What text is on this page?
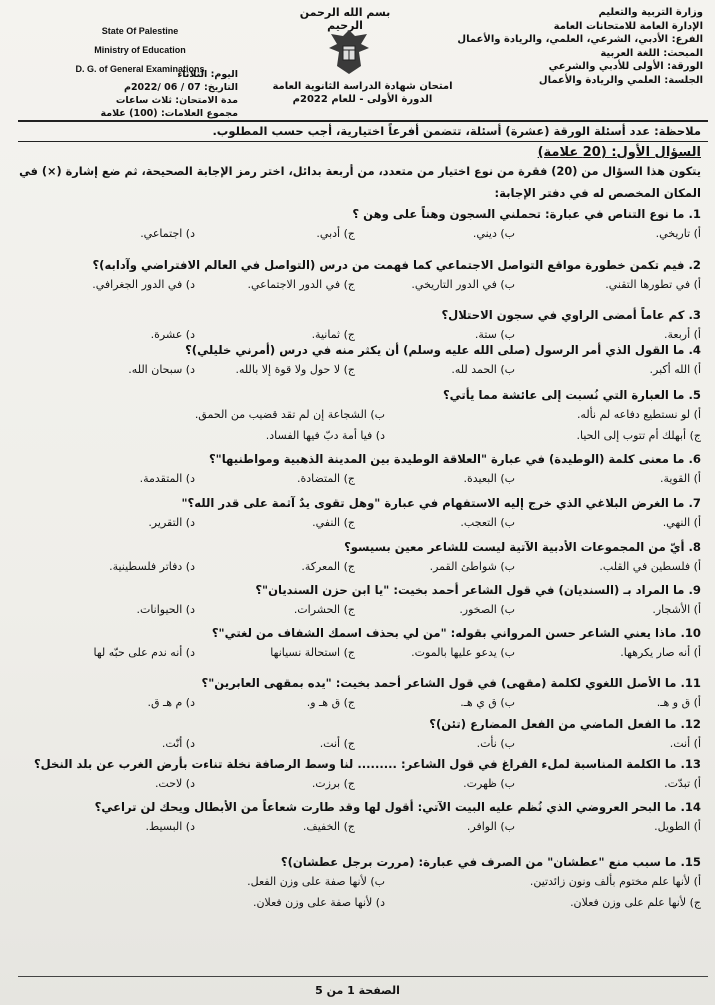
State Of Palestine
Ministry of Education
D. G. of General Examinations
بسم الله الرحمن الرحيم
وزارة التربية والتعليم
الإدارة العامة للامتحانات العامة
الفرع: الأدبي، الشرعي، العلمي، والريادة والأعمال
المبحث: اللغة العربية
الورقة: الأولى للأدبي والشرعي
الجلسة: العلمي والريادة والأعمال
امتحان شهادة الدراسة الثانوية العامة
الدورة الأولى - للعام 2022م
اليوم: الثلاثاء
التاريخ: 07 / 06 /2022م
مدة الامتحان: ثلاث ساعات
مجموع العلامات: (100) علامة
ملاحظة: عدد أسئلة الورقة (عشرة) أسئلة، تتضمن أفرعاً اختيارية، أجب حسب المطلوب.
السؤال الأول: (20 علامة)
يتكون هذا السؤال من (20) فقرة من نوع اختيار من متعدد، من أربعة بدائل، اختر رمز الإجابة الصحيحة، ثم ضع إشارة (×) في
المكان المخصص له في دفتر الإجابة:
1. ما نوع التناص في عبارة: تحملني السجون وهناً على وهن ؟
أ) تاريخي.
ب) ديني.
ج) أدبي.
د) اجتماعي.
2. فيم تكمن خطورة مواقع التواصل الاجتماعي كما فهمت من درس (التواصل في العالم الافتراضي وآدابه)؟
أ) في تطورها التقني.
ب) في الدور التاريخي.
ج) في الدور الاجتماعي.
د) في الدور الجغرافي.
3. كم عاماً أمضى الراوي في سجون الاحتلال؟
أ) أربعة.
ب) ستة.
ج) ثمانية.
د) عشرة.
4. ما القول الذي أمر الرسول (صلى الله عليه وسلم) أن يكثر منه في درس (أمرني خليلي)؟
أ) الله أكبر.
ب) الحمد لله.
ج) لا حول ولا قوة إلا بالله.
د) سبحان الله.
5. ما العبارة التي نُسبت إلى عائشة مما يأتي؟
أ) لو نستطيع دفاعه لم نأله.
ب) الشجاعة إن لم تقد قضيب من الحمق.
ج) أبهلك أم تتوب إلى الحيا.
د) فيا أمة دبّ فيها الفساد.
6. ما معنى كلمة (الوطيدة) في عبارة "العلاقة الوطيدة بين المدينة الذهبية ومواطنيها"؟
أ) القوية.
ب) البعيدة.
ج) المتضادة.
د) المتقدمة.
7. ما الغرض البلاغي الذي خرج إليه الاستفهام في عبارة "وهل تقوى يدٌ آثمة على قدر الله؟"
أ) النهي.
ب) التعجب.
ج) النفي.
د) التقرير.
8. أيّ من المجموعات الأدبية الآتية ليست للشاعر معين بسيسو؟
أ) فلسطين في القلب.
ب) شواطئ القمر.
ج) المعركة.
د) دفاتر فلسطينية.
9. ما المراد بـ (السنديان) في قول الشاعر أحمد بخيت: "يا ابن حزن السنديان"؟
أ) الأشجار.
ب) الصخور.
ج) الحشرات.
د) الحيوانات.
10. ماذا يعني الشاعر حسن المرواني بقوله: "من لي بحذف اسمك الشفاف من لغتي"؟
أ) أنه صار يكرهها.
ب) يدعو عليها بالموت.
ج) استحالة نسيانها
د) أنه ندم على حبّه لها
11. ما الأصل اللغوي لكلمة (مقهى) في قول الشاعر أحمد بخيت: "يده بمقهى العابرين"؟
أ) ق و هـ.
ب) ق ي هـ.
ج) ق هـ و.
د) م هـ ق.
12. ما الفعل الماضي من الفعل المضارع (تئن)؟
أ) أنت.
ب) نأت.
ج) أنت.
د) أنّت.
13. ما الكلمة المناسبة لملء الفراغ في قول الشاعر: ......... لنا وسط الرصافة نخلة تناءت بأرض الغرب عن بلد النخل؟
أ) تبدّت.
ب) ظهرت.
ج) برزت.
د) لاحت.
14. ما البحر العروضي الذي نُظم عليه البيت الآتي: أقول لها وقد طارت شعاعاً من الأبطال ويحك لن تراعي؟
أ) الطويل.
ب) الوافر.
ج) الخفيف.
د) البسيط.
15. ما سبب منع "عطشان" من الصرف في عبارة: (مررت برجل عطشان)؟
أ) لأنها علم مختوم بألف ونون زائدتين.
ب) لأنها صفة على وزن الفعل.
ج) لأنها علم على وزن فعلان.
د) لأنها صفة على وزن فعلان.
الصفحة 1 من 5
